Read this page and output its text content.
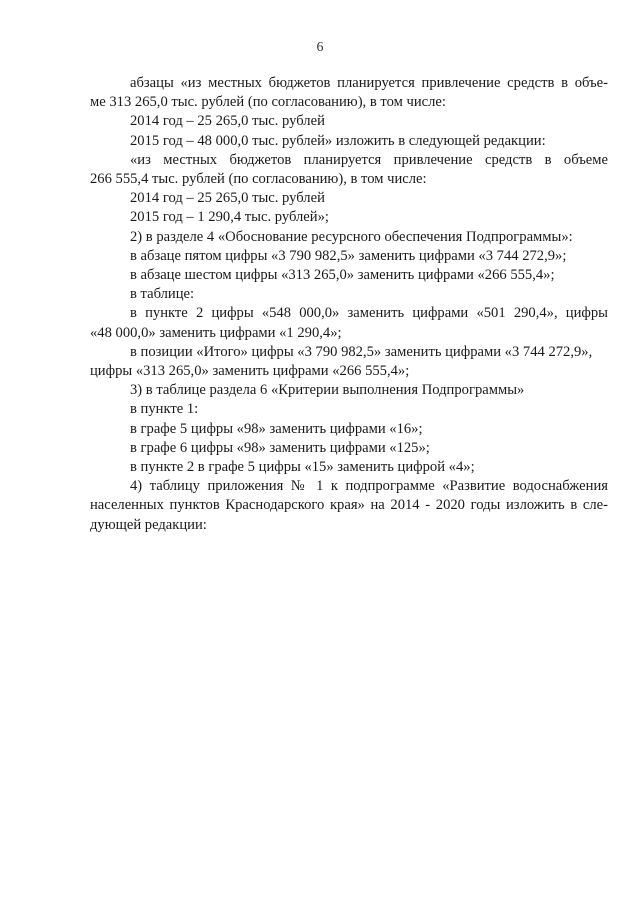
6
абзацы «из местных бюджетов планируется привлечение средств в объе-
ме 313 265,0 тыс. рублей (по согласованию), в том числе:
2014 год – 25 265,0 тыс. рублей
2015 год – 48 000,0 тыс. рублей» изложить в следующей редакции:
«из местных бюджетов планируется привлечение средств в объеме
266 555,4 тыс. рублей (по согласованию), в том числе:
2014 год – 25 265,0 тыс. рублей
2015 год – 1 290,4 тыс. рублей»;
2) в разделе 4 «Обоснование ресурсного обеспечения Подпрограммы»:
в абзаце пятом цифры «3 790 982,5» заменить цифрами «3 744 272,9»;
в абзаце шестом цифры «313 265,0» заменить цифрами «266 555,4»;
в таблице:
в пункте 2 цифры «548 000,0» заменить цифрами «501 290,4», цифры
«48 000,0» заменить цифрами «1 290,4»;
в позиции «Итого» цифры «3 790 982,5» заменить цифрами «3 744 272,9»,
цифры «313 265,0» заменить цифрами «266 555,4»;
3) в таблице раздела 6 «Критерии выполнения Подпрограммы»
в пункте 1:
в графе 5 цифры «98» заменить цифрами «16»;
в графе 6 цифры «98» заменить цифрами «125»;
в пункте 2 в графе 5 цифры «15» заменить цифрой «4»;
4) таблицу приложения № 1 к подпрограмме «Развитие водоснабжения
населенных пунктов Краснодарского края» на 2014 - 2020 годы изложить в сле-
дующей редакции:
